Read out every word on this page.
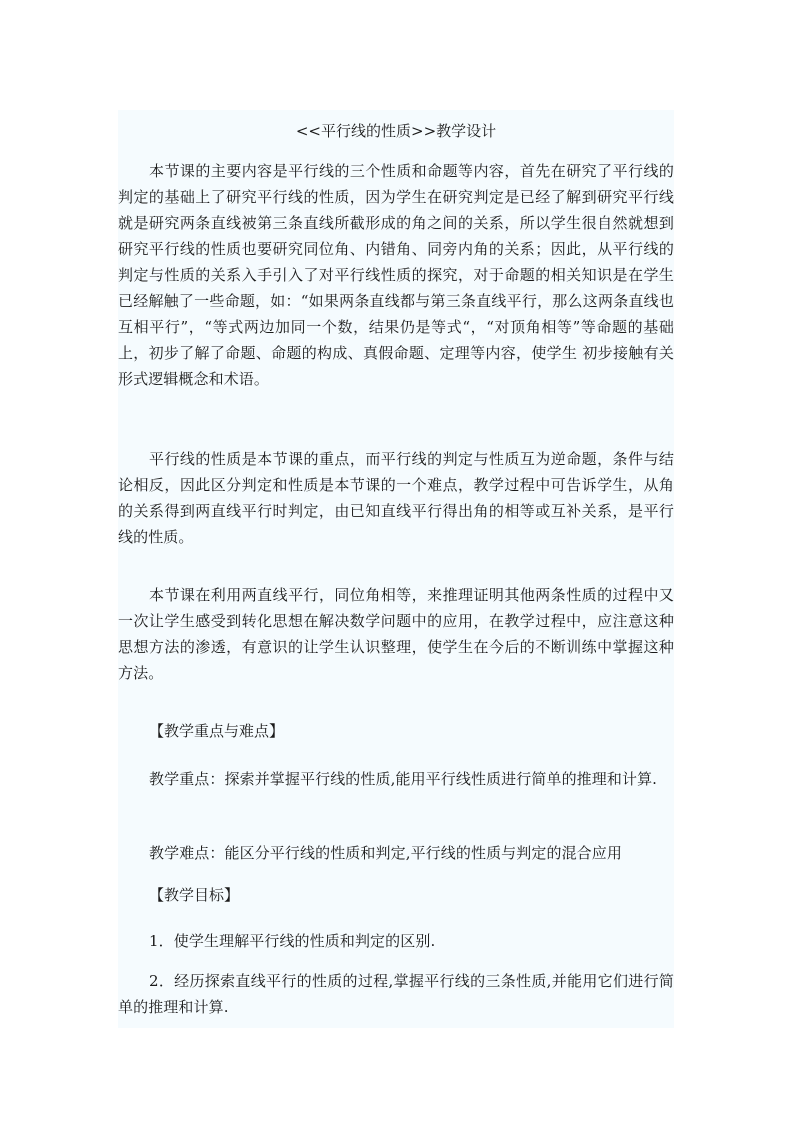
<<平行线的性质>>教学设计

本节课的主要内容是平行线的三个性质和命题等内容，首先在研究了平行线的判定的基础上了研究平行线的性质，因为学生在研究判定是已经了解到研究平行线就是研究两条直线被第三条直线所截形成的角之间的关系，所以学生很自然就想到研究平行线的性质也要研究同位角、内错角、同旁内角的关系；因此，从平行线的判定与性质的关系入手引入了对平行线性质的探究，对于命题的相关知识是在学生已经解触了一些命题，如：“如果两条直线都与第三条直线平行，那么这两条直线也互相平行”，“等式两边加同一个数，结果仍是等式“，“对顶角相等”等命题的基础上，初步了解了命题、命题的构成、真假命题、定理等内容，使学生 初步接触有关形式逻辑概念和术语。

平行线的性质是本节课的重点，而平行线的判定与性质互为逆命题，条件与结论相反，因此区分判定和性质是本节课的一个难点，教学过程中可告诉学生，从角的关系得到两直线平行时判定，由已知直线平行得出角的相等或互补关系，是平行线的性质。

本节课在利用两直线平行，同位角相等，来推理证明其他两条性质的过程中又一次让学生感受到转化思想在解决数学问题中的应用，在教学过程中，应注意这种思想方法的渗透，有意识的让学生认识整理，使学生在今后的不断训练中掌握这种方法。

【教学重点与难点】

教学重点：探索并掌握平行线的性质,能用平行线性质进行简单的推理和计算.

教学难点：能区分平行线的性质和判定,平行线的性质与判定的混合应用

【教学目标】

1．使学生理解平行线的性质和判定的区别.

2．经历探索直线平行的性质的过程,掌握平行线的三条性质,并能用它们进行简单的推理和计算.
